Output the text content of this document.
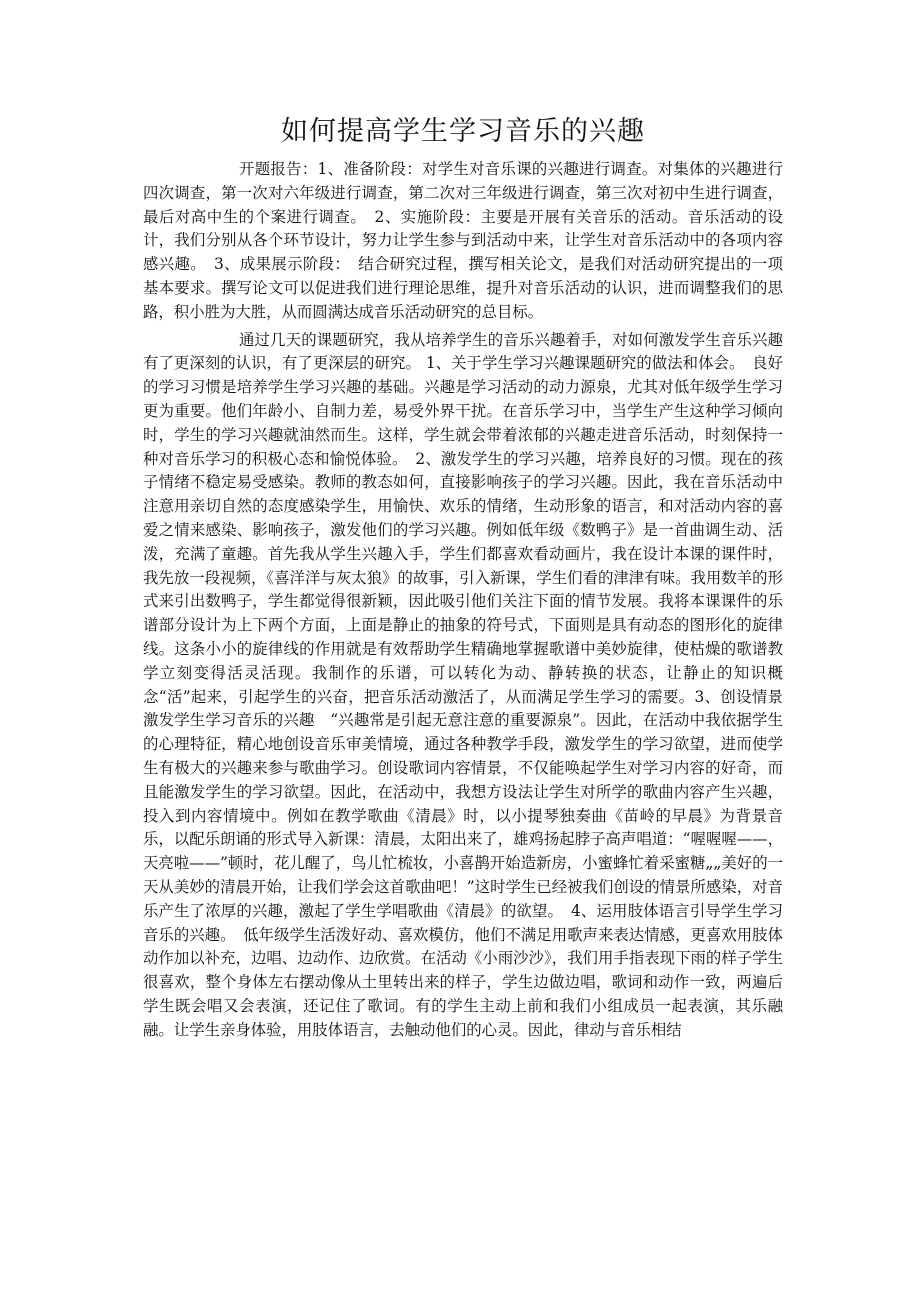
如何提高学生学习音乐的兴趣

开题报告：1、准备阶段：对学生对音乐课的兴趣进行调查。对集体的兴趣进行四次调查，第一次对六年级进行调查，第二次对三年级进行调查，第三次对初中生进行调查，最后对高中生的个案进行调查。　2、实施阶段：主要是开展有关音乐的活动。音乐活动的设计，我们分别从各个环节设计，努力让学生参与到活动中来，让学生对音乐活动中的各项内容感兴趣。　3、成果展示阶段：　结合研究过程，撰写相关论文，是我们对活动研究提出的一项基本要求。撰写论文可以促进我们进行理论思维，提升对音乐活动的认识，进而调整我们的思路，积小胜为大胜，从而圆满达成音乐活动研究的总目标。

通过几天的课题研究，我从培养学生的音乐兴趣着手，对如何激发学生音乐兴趣有了更深刻的认识，有了更深层的研究。 1、关于学生学习兴趣课题研究的做法和体会。　良好的学习习惯是培养学生学习兴趣的基础。兴趣是学习活动的动力源泉，尤其对低年级学生学习更为重要。他们年龄小、自制力差，易受外界干扰。在音乐学习中，当学生产生这种学习倾向时，学生的学习兴趣就油然而生。这样，学生就会带着浓郁的兴趣走进音乐活动，时刻保持一种对音乐学习的积极心态和愉悦体验。　2、激发学生的学习兴趣，培养良好的习惯。现在的孩子情绪不稳定易受感染。教师的教态如何，直接影响孩子的学习兴趣。因此，我在音乐活动中注意用亲切自然的态度感染学生，用愉快、欢乐的情绪，生动形象的语言，和对活动内容的喜爱之情来感染、影响孩子，激发他们的学习兴趣。例如低年级《数鸭子》是一首曲调生动、活泼，充满了童趣。首先我从学生兴趣入手，学生们都喜欢看动画片，我在设计本课的课件时，我先放一段视频，《喜洋洋与灰太狼》的故事，引入新课，学生们看的津津有味。我用数羊的形式来引出数鸭子，学生都觉得很新颖，因此吸引他们关注下面的情节发展。我将本课课件的乐谱部分设计为上下两个方面，上面是静止的抽象的符号式，下面则是具有动态的图形化的旋律线。这条小小的旋律线的作用就是有效帮助学生精确地掌握歌谱中美妙旋律，使枯燥的歌谱教学立刻变得活灵活现。我制作的乐谱，可以转化为动、静转换的状态，让静止的知识概念“活”起来，引起学生的兴奋，把音乐活动激活了，从而满足学生学习的需要。3、创设情景激发学生学习音乐的兴趣　“兴趣常是引起无意注意的重要源泉”。因此，在活动中我依据学生的心理特征，精心地创设音乐审美情境，通过各种教学手段，激发学生的学习欲望，进而使学生有极大的兴趣来参与歌曲学习。创设歌词内容情景，不仅能唤起学生对学习内容的好奇，而且能激发学生的学习欲望。因此，在活动中，我想方设法让学生对所学的歌曲内容产生兴趣，投入到内容情境中。例如在教学歌曲《清晨》时，以小提琴独奏曲《苗岭的早晨》为背景音乐，以配乐朗诵的形式导入新课：清晨，太阳出来了，雄鸡扬起脖子高声唱道：“喔喔喔——，天亮啦——”顿时，花儿醒了，鸟儿忙梳妆，小喜鹊开始造新房，小蜜蜂忙着采蜜糖„„美好的一天从美妙的清晨开始，让我们学会这首歌曲吧！”这时学生已经被我们创设的情景所感染，对音乐产生了浓厚的兴趣，激起了学生学唱歌曲《清晨》的欲望。　4、运用肢体语言引导学生学习音乐的兴趣。　低年级学生活泼好动、喜欢模仿，他们不满足用歌声来表达情感，更喜欢用肢体动作加以补充，边唱、边动作、边欣赏。在活动《小雨沙沙》，我们用手指表现下雨的样子学生很喜欢，整个身体左右摆动像从土里转出来的样子，学生边做边唱，歌词和动作一致，两遍后学生既会唱又会表演，还记住了歌词。有的学生主动上前和我们小组成员一起表演，其乐融融。让学生亲身体验，用肢体语言，去触动他们的心灵。因此，律动与音乐相结
